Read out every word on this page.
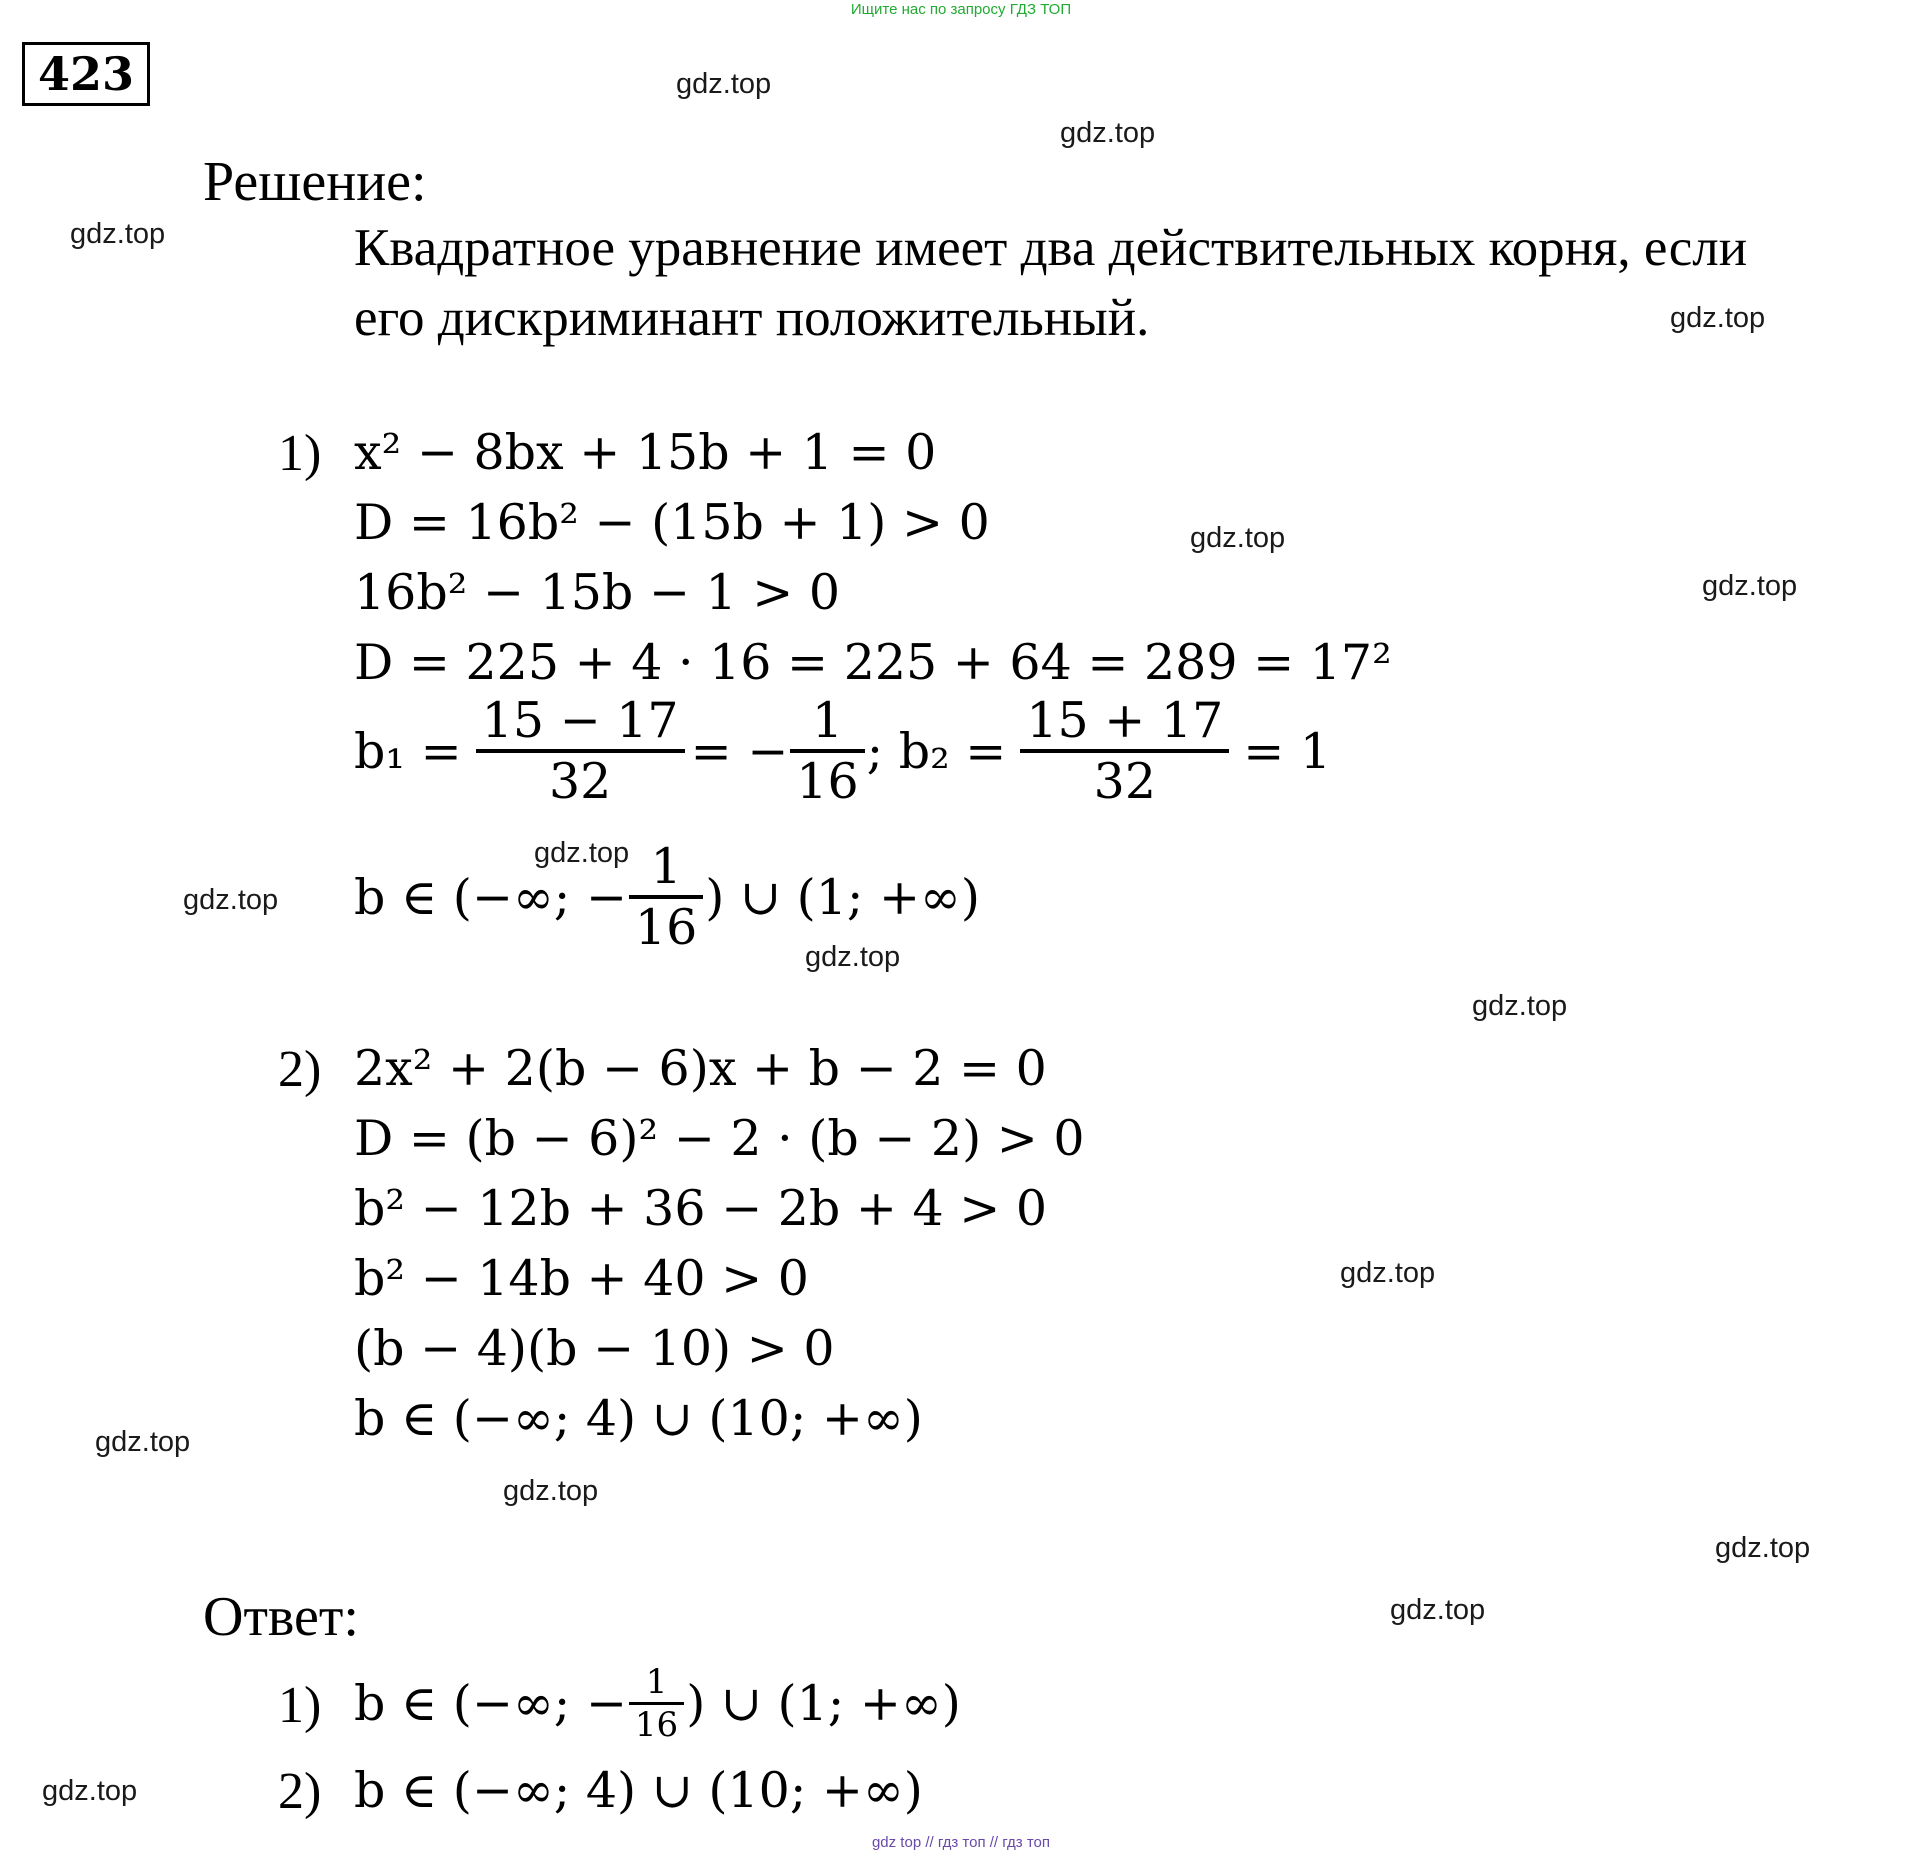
Ищите нас по запросу ГДЗ ТОП
423	gdz.top
gdz.top
gdz.top
gdz.top
gdz.top
gdz.top
gdz.top
gdz.top
gdz.top
gdz.top
gdz.top
gdz.top
gdz.top
gdz.top
gdz.top
gdz.top
Решение:
Квадратное уравнение имеет два действительных корня, если
его дискриминант положительный.
1) x² − 8bx + 15b + 1 = 0
D = 16b² − (15b + 1) > 0
16b² − 15b − 1 > 0
D = 225 + 4 · 16 = 225 + 64 = 289 = 17²
$b_1 = \frac{15 - 17}{32}$ = − $\frac{1}{16}$ ; $b_2 = \frac{15 + 17}{32} = 1$
b ∈ (−∞; − $\frac{1}{16}$ ) ∪ (1; +∞)
2) 2x² + 2(b − 6)x + b − 2 = 0
D = (b − 6)² − 2 · (b − 2) > 0
b² − 12b + 36 − 2b + 4 > 0
b² − 14b + 40 > 0
(b − 4)(b − 10) > 0
b ∈ (−∞; 4) ∪ (10; +∞)
Ответ:
1) b ∈ (−∞; − $\frac{1}{16}$ ) ∪ (1; +∞)
2) b ∈ (−∞; 4) ∪ (10; +∞)
gdz top // гдз топ // гдз топ
